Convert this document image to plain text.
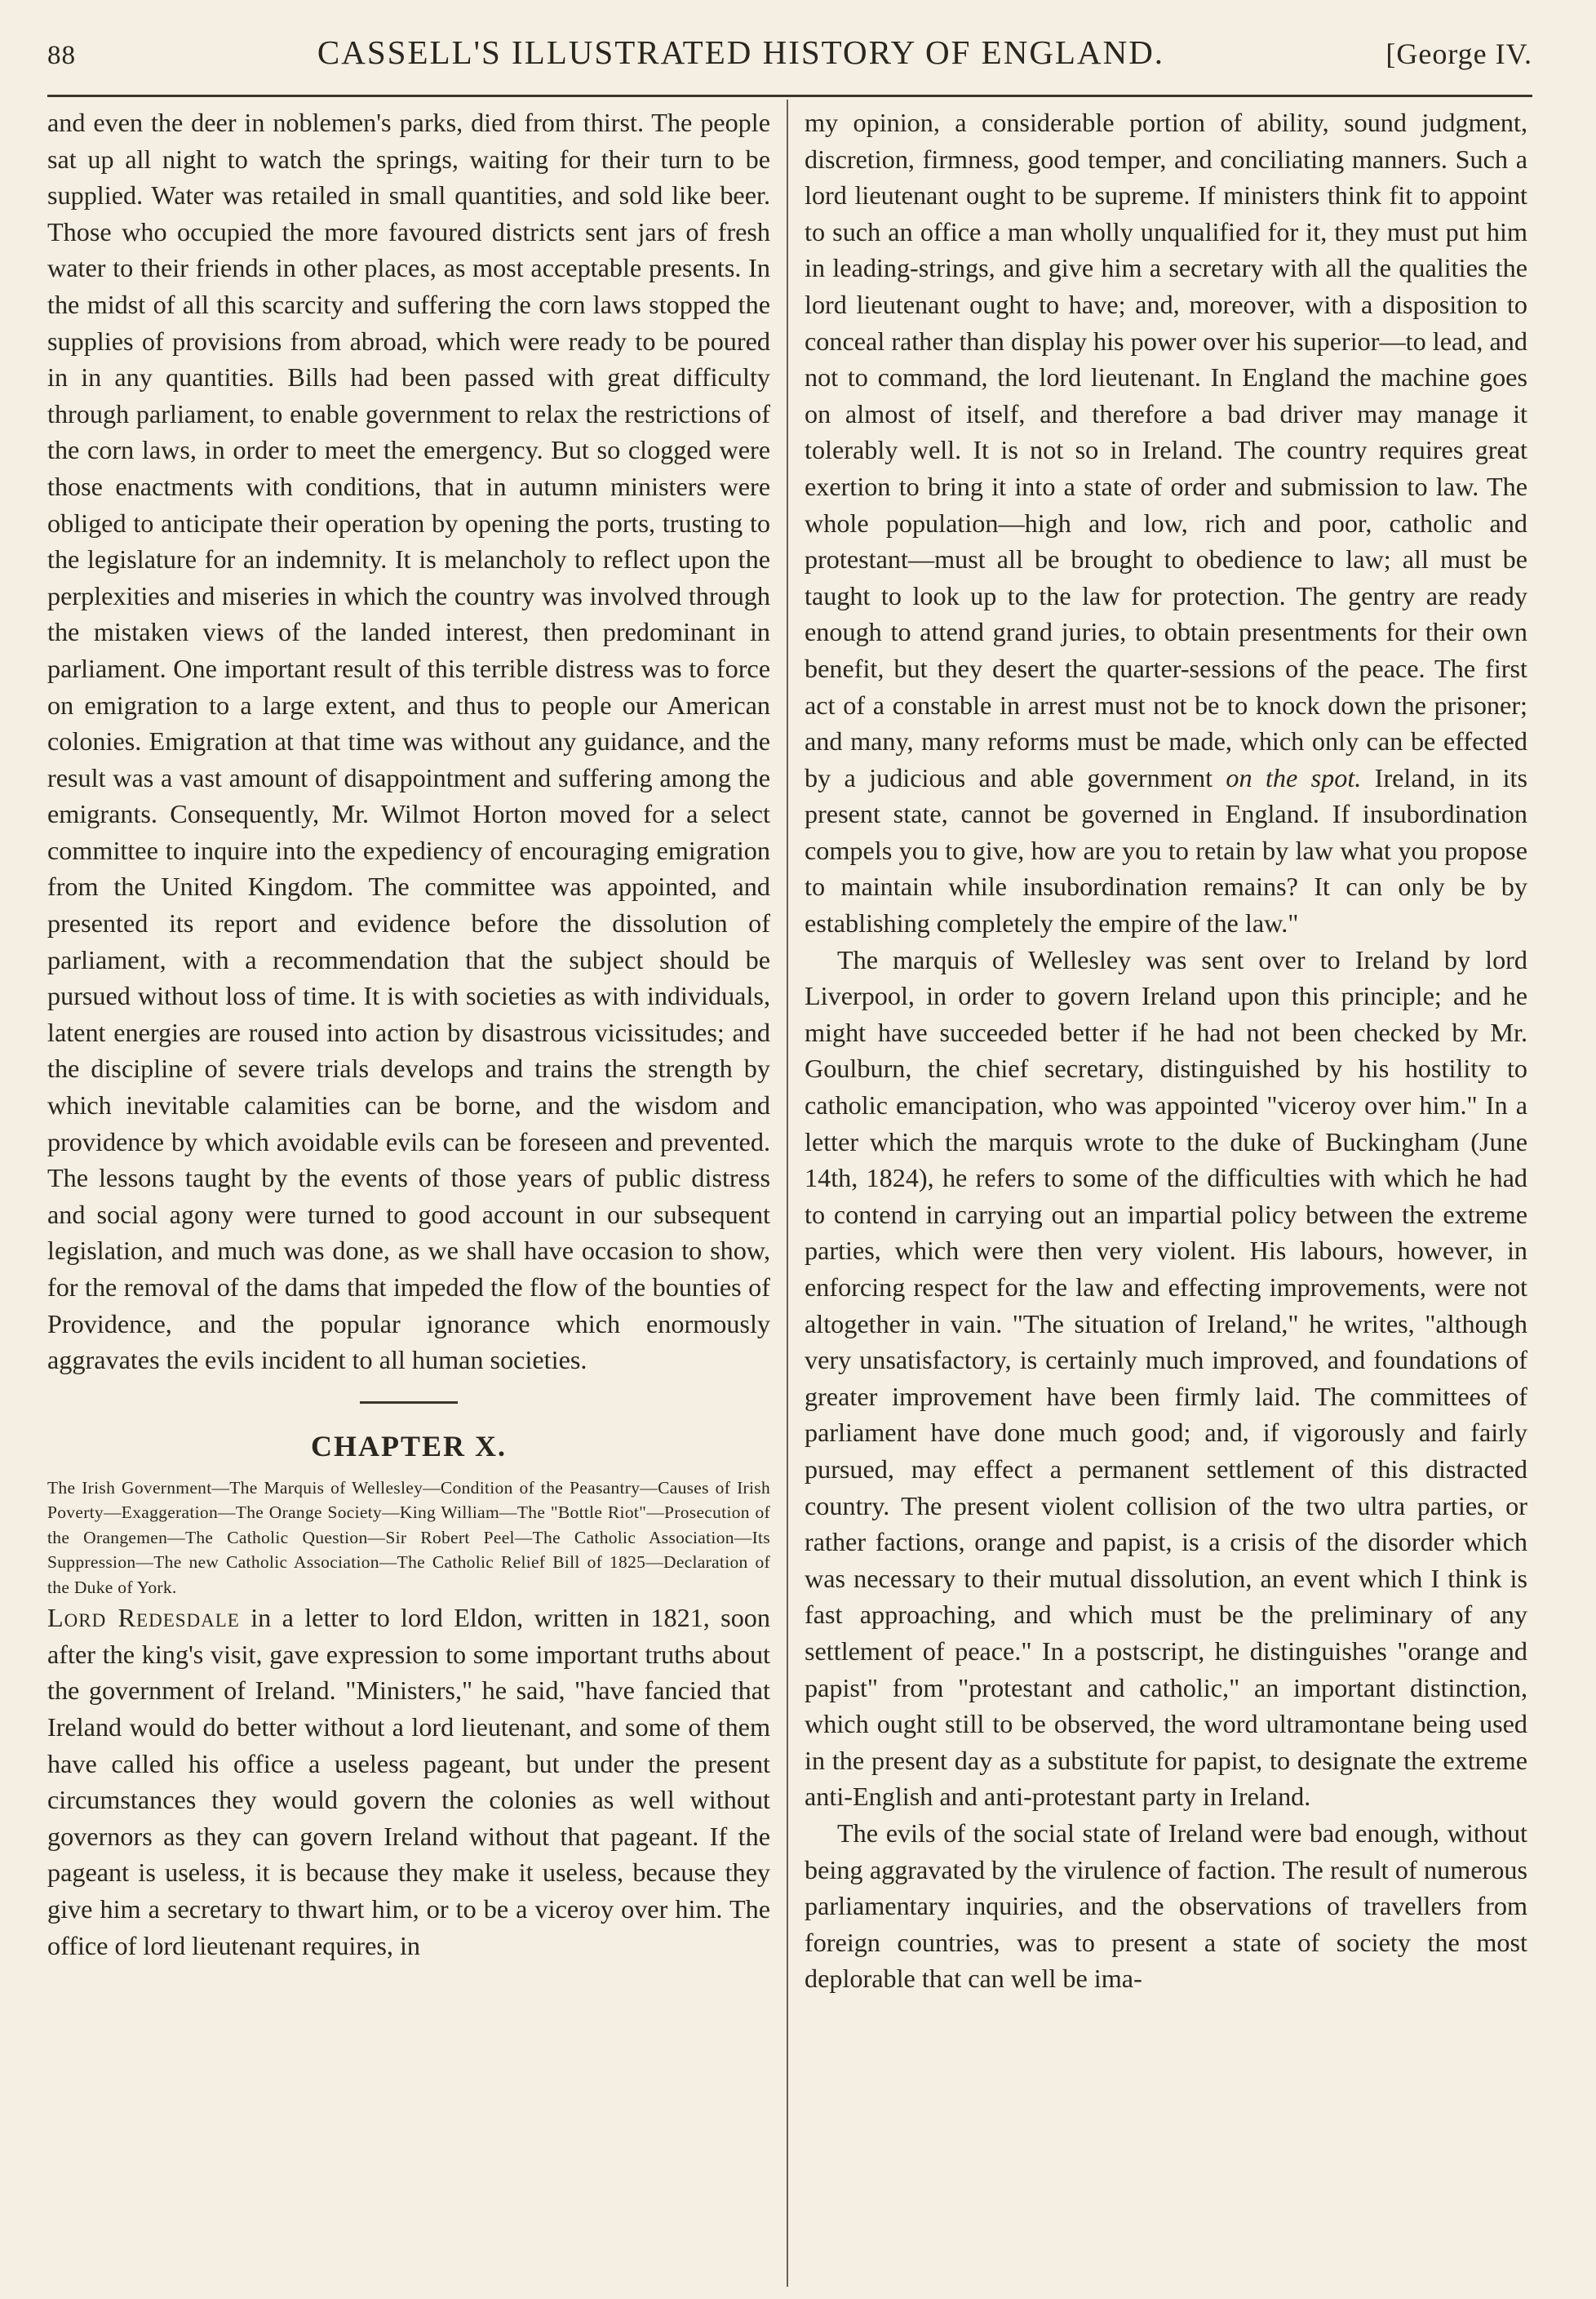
88	CASSELL'S ILLUSTRATED HISTORY OF ENGLAND.	[George IV.

and even the deer in noblemen's parks, died from thirst. The people sat up all night to watch the springs, waiting for their turn to be supplied. Water was retailed in small quantities, and sold like beer. Those who occupied the more favoured districts sent jars of fresh water to their friends in other places, as most acceptable presents. In the midst of all this scarcity and suffering the corn laws stopped the supplies of provisions from abroad, which were ready to be poured in in any quantities. Bills had been passed with great difficulty through parliament, to enable government to relax the restrictions of the corn laws, in order to meet the emergency. But so clogged were those enactments with conditions, that in autumn ministers were obliged to anticipate their operation by opening the ports, trusting to the legislature for an indemnity. It is melancholy to reflect upon the perplexities and miseries in which the country was involved through the mistaken views of the landed interest, then predominant in parliament. One important result of this terrible distress was to force on emigration to a large extent, and thus to people our American colonies. Emigration at that time was without any guidance, and the result was a vast amount of disappointment and suffering among the emigrants. Consequently, Mr. Wilmot Horton moved for a select committee to inquire into the expediency of encouraging emigration from the United Kingdom. The committee was appointed, and presented its report and evidence before the dissolution of parliament, with a recommendation that the subject should be pursued without loss of time. It is with societies as with individuals, latent energies are roused into action by disastrous vicissitudes; and the discipline of severe trials develops and trains the strength by which inevitable calamities can be borne, and the wisdom and providence by which avoidable evils can be foreseen and prevented. The lessons taught by the events of those years of public distress and social agony were turned to good account in our subsequent legislation, and much was done, as we shall have occasion to show, for the removal of the dams that impeded the flow of the bounties of Providence, and the popular ignorance which enormously aggravates the evils incident to all human societies.

CHAPTER X.

The Irish Government—The Marquis of Wellesley—Condition of the Peasantry—Causes of Irish Poverty—Exaggeration—The Orange Society—King William—The "Bottle Riot"—Prosecution of the Orangemen—The Catholic Question—Sir Robert Peel—The Catholic Association—Its Suppression—The new Catholic Association—The Catholic Relief Bill of 1825—Declaration of the Duke of York.

Lord Redesdale in a letter to lord Eldon, written in 1821, soon after the king's visit, gave expression to some important truths about the government of Ireland. "Ministers," he said, "have fancied that Ireland would do better without a lord lieutenant, and some of them have called his office a useless pageant, but under the present circumstances they would govern the colonies as well without governors as they can govern Ireland without that pageant. If the pageant is useless, it is because they make it useless, because they give him a secretary to thwart him, or to be a viceroy over him. The office of lord lieutenant requires, in

my opinion, a considerable portion of ability, sound judgment, discretion, firmness, good temper, and conciliating manners. Such a lord lieutenant ought to be supreme. If ministers think fit to appoint to such an office a man wholly unqualified for it, they must put him in leading-strings, and give him a secretary with all the qualities the lord lieutenant ought to have; and, moreover, with a disposition to conceal rather than display his power over his superior—to lead, and not to command, the lord lieutenant. In England the machine goes on almost of itself, and therefore a bad driver may manage it tolerably well. It is not so in Ireland. The country requires great exertion to bring it into a state of order and submission to law. The whole population—high and low, rich and poor, catholic and protestant—must all be brought to obedience to law; all must be taught to look up to the law for protection. The gentry are ready enough to attend grand juries, to obtain presentments for their own benefit, but they desert the quarter-sessions of the peace. The first act of a constable in arrest must not be to knock down the prisoner; and many, many reforms must be made, which only can be effected by a judicious and able government on the spot. Ireland, in its present state, cannot be governed in England. If insubordination compels you to give, how are you to retain by law what you propose to maintain while insubordination remains? It can only be by establishing completely the empire of the law."

The marquis of Wellesley was sent over to Ireland by lord Liverpool, in order to govern Ireland upon this principle; and he might have succeeded better if he had not been checked by Mr. Goulburn, the chief secretary, distinguished by his hostility to catholic emancipation, who was appointed "viceroy over him." In a letter which the marquis wrote to the duke of Buckingham (June 14th, 1824), he refers to some of the difficulties with which he had to contend in carrying out an impartial policy between the extreme parties, which were then very violent. His labours, however, in enforcing respect for the law and effecting improvements, were not altogether in vain. "The situation of Ireland," he writes, "although very unsatisfactory, is certainly much improved, and foundations of greater improvement have been firmly laid. The committees of parliament have done much good; and, if vigorously and fairly pursued, may effect a permanent settlement of this distracted country. The present violent collision of the two ultra parties, or rather factions, orange and papist, is a crisis of the disorder which was necessary to their mutual dissolution, an event which I think is fast approaching, and which must be the preliminary of any settlement of peace." In a postscript, he distinguishes "orange and papist" from "protestant and catholic," an important distinction, which ought still to be observed, the word ultramontane being used in the present day as a substitute for papist, to designate the extreme anti-English and anti-protestant party in Ireland.

The evils of the social state of Ireland were bad enough, without being aggravated by the virulence of faction. The result of numerous parliamentary inquiries, and the observations of travellers from foreign countries, was to present a state of society the most deplorable that can well be ima-
